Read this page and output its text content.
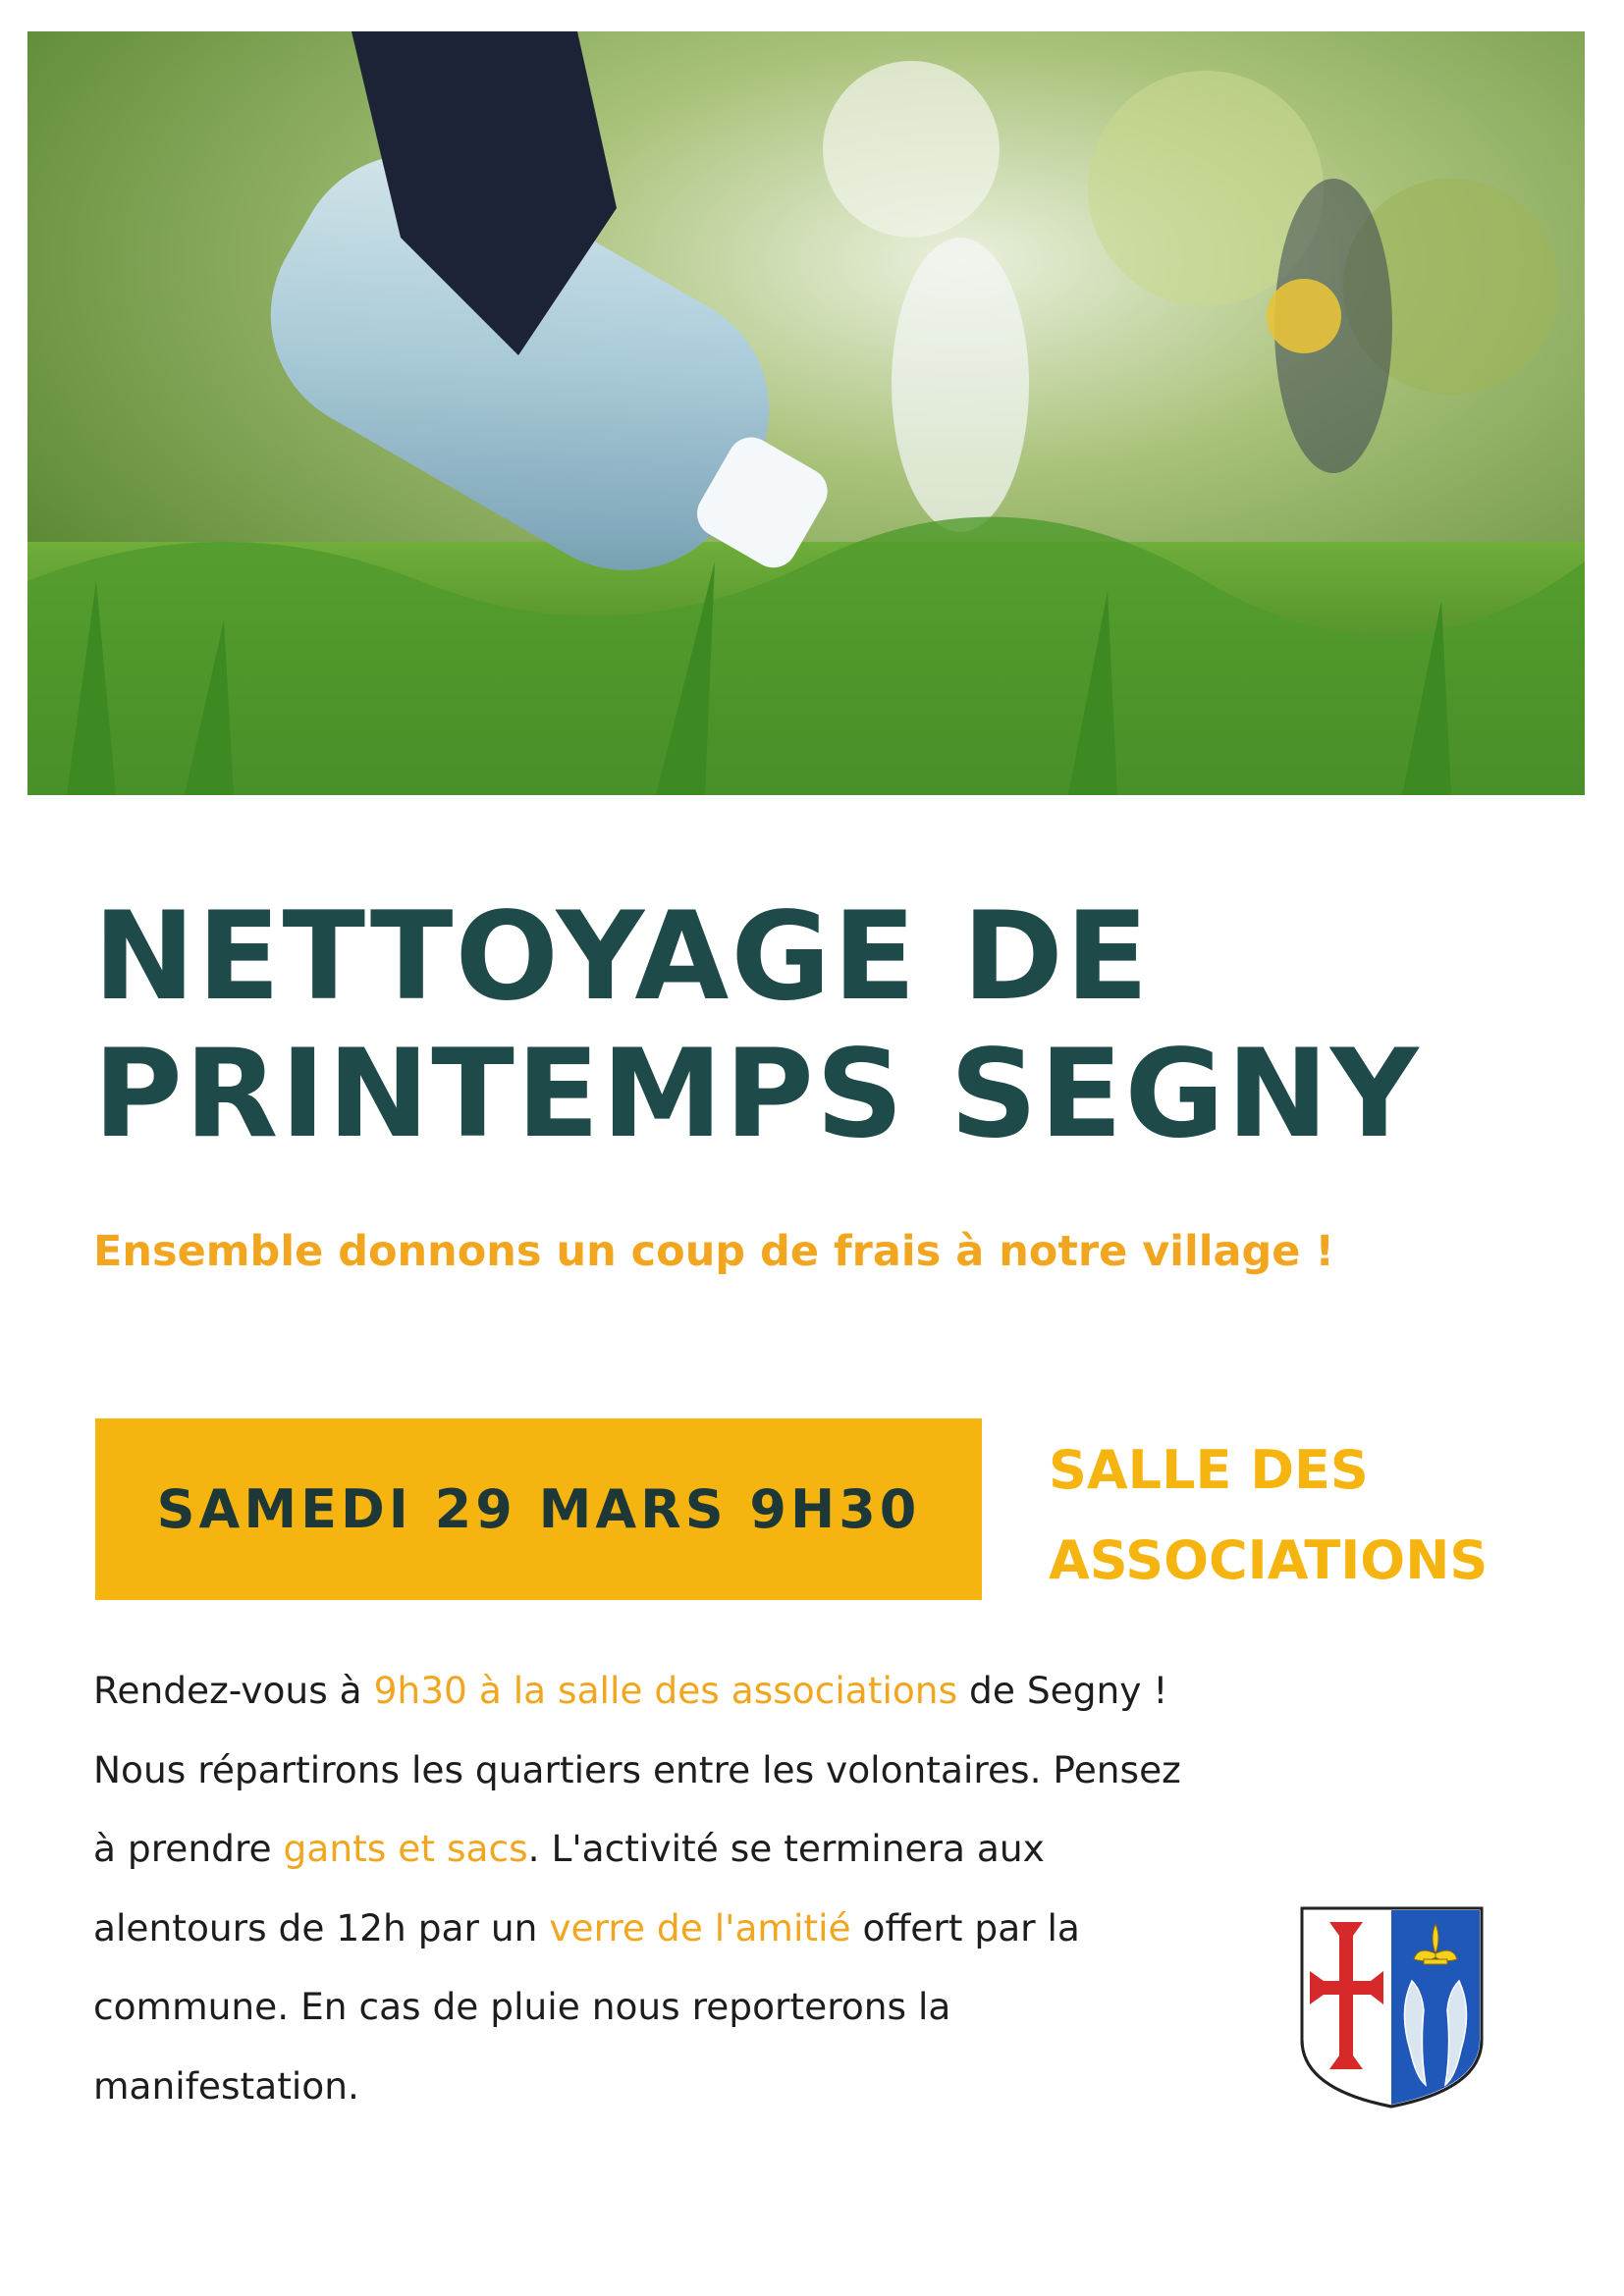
NETTOYAGE DE
PRINTEMPS SEGNY
Ensemble donnons un coup de frais à notre village !
SAMEDI 29 MARS 9H30
SALLE DES
ASSOCIATIONS
Rendez-vous à 9h30 à la salle des associations de Segny ! Nous répartirons les quartiers entre les volontaires. Pensez à prendre gants et sacs. L'activité se terminera aux alentours de 12h par un verre de l'amitié offert par la commune. En cas de pluie nous reporterons la manifestation.
